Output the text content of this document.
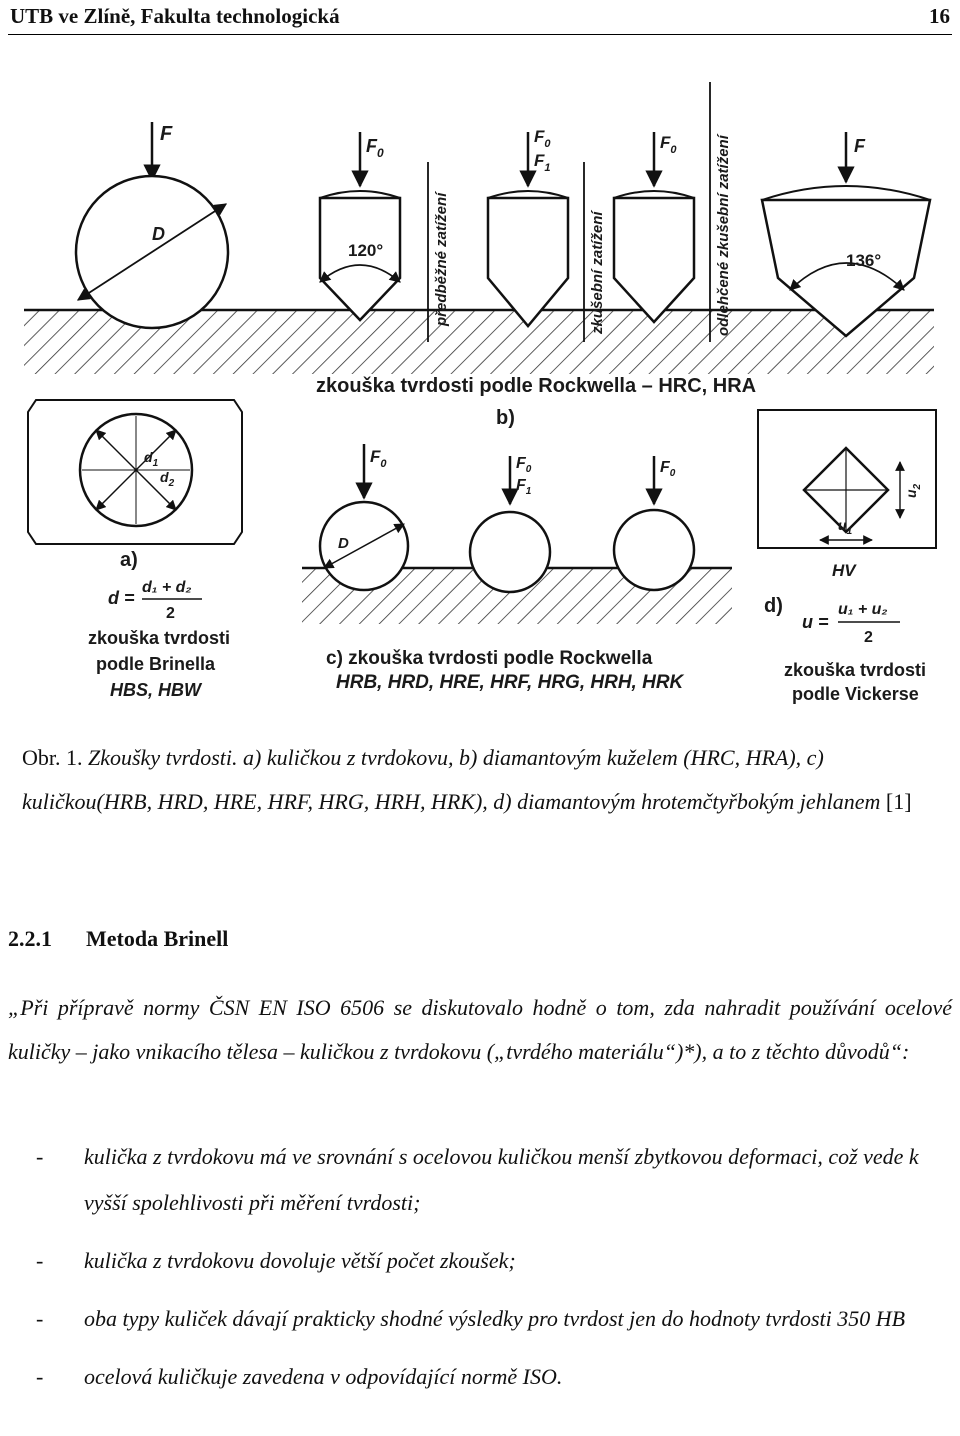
UTB ve Zlíně, Fakulta technologická	16
F
D
$F_0$
120°	předběžné zatížení
$F_0$
$F_1$
zkušební zatížení
$F_0$	odlehčené zkušební zatížení	F
136°
zkouška tvrdosti podle Rockwella – HRC, HRA
b)
$d_1$
$d_2$
a)
d =
d₁ + d₂
2
zkouška tvrdosti
podle Brinella
HBS, HBW
$F_0$
D
$F_0$
$F_1$
$F_0$
c) zkouška tvrdosti podle Rockwella
HRB, HRD, HRE, HRF, HRG, HRH, HRK
$u_1$
$u_2$
HV
d)
u =
u₁ + u₂
2
zkouška tvrdosti
podle Vickerse
Obr. 1. Zkoušky tvrdosti. a) kuličkou z tvrdokovu, b) diamantovým kuželem (HRC, HRA), c) kuličkou(HRB, HRD, HRE, HRF, HRG, HRH, HRK), d) diamantovým hrotemčtyřbokým jehlanem [1]
2.2.1 Metoda Brinell
„Při přípravě normy ČSN EN ISO 6506 se diskutovalo hodně o tom, zda nahradit používání ocelové kuličky – jako vnikacího tělesa – kuličkou z tvrdokovu („tvrdého materiálu“)*), a to z těchto důvodů“:
- kulička z tvrdokovu má ve srovnání s ocelovou kuličkou menší zbytkovou deformaci, což vede k vyšší spolehlivosti při měření tvrdosti;
- kulička z tvrdokovu dovoluje větší počet zkoušek;
- oba typy kuliček dávají prakticky shodné výsledky pro tvrdost jen do hodnoty tvrdosti 350 HB
- ocelová kuličkuje zavedena v odpovídající normě ISO.
